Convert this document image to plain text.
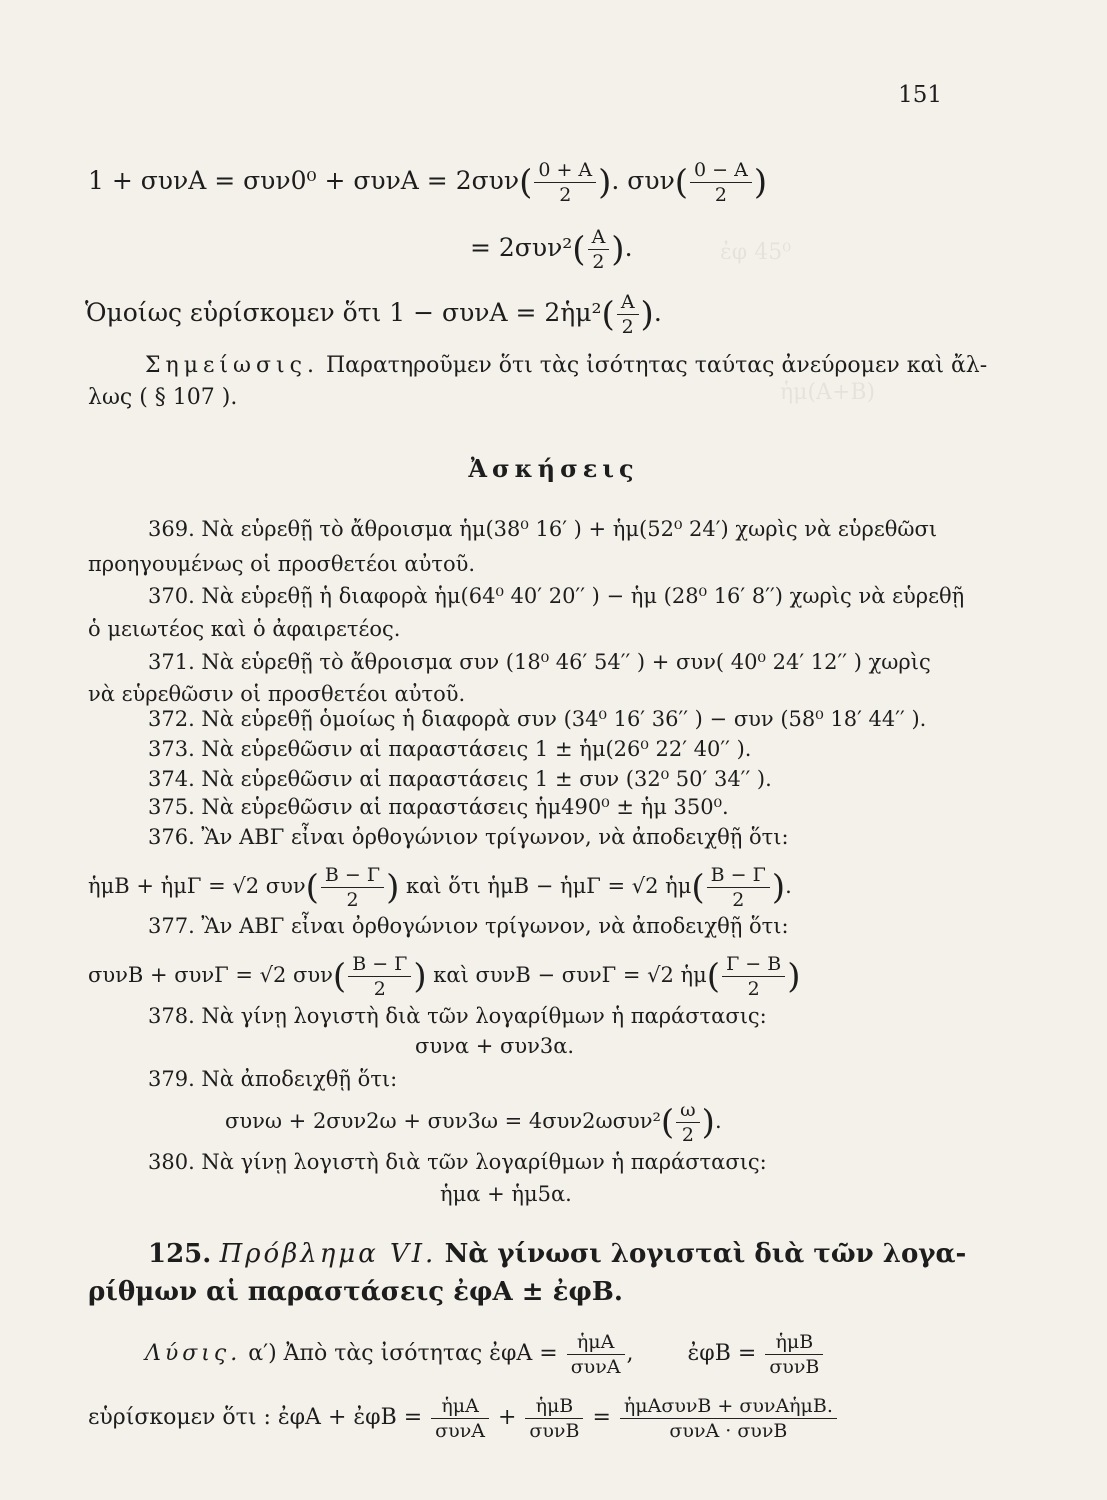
ἐφ 45⁰
ἡμ(Α+Β)
151
$1 + \sigma\upsilon\nu A = \sigma\upsilon\nu 0^0 + \sigma\upsilon\nu A = 2\sigma\upsilon\nu( \frac{0 + A}{2}$ ). $\sigma\upsilon\nu( \frac{0 - A}{2}$ )
= $2\sigma\upsilon\nu^2( \frac{A}{2}$ ).
Ὁμοίως εὑρίσκομεν ὅτι 1 − συνΑ = 2ἡμ²( $\frac{A}{2}$ ).
Σημείωσις. Παρατηροῦμεν ὅτι τὰς ἰσότητας ταύτας ἀνεύρομεν καὶ ἄλ-
λως ( § 107 ).
Ἀσκήσεις
369. Νὰ εὑρεθῇ τὸ ἄθροισμα ἡμ(38⁰ 16′ ) + ἡμ(52⁰ 24′) χωρὶς νὰ εὑρεθῶσι
προηγουμένως οἱ προσθετέοι αὐτοῦ.
370. Νὰ εὑρεθῇ ἡ διαφορὰ ἡμ(64⁰ 40′ 20′′ ) − ἡμ (28⁰ 16′ 8′′) χωρὶς νὰ εὑρεθῇ
ὁ μειωτέος καὶ ὁ ἀφαιρετέος.
371. Νὰ εὑρεθῇ τὸ ἄθροισμα συν (18⁰ 46′ 54′′ ) + συν( 40⁰ 24′ 12′′ ) χωρὶς
νὰ εὑρεθῶσιν οἱ προσθετέοι αὐτοῦ.
372. Νὰ εὑρεθῇ ὁμοίως ἡ διαφορὰ συν (34⁰ 16′ 36′′ ) − συν (58⁰ 18′ 44′′ ).
373. Νὰ εὑρεθῶσιν αἱ παραστάσεις 1 ± ἡμ(26⁰ 22′ 40′′ ).
374. Νὰ εὑρεθῶσιν αἱ παραστάσεις 1 ± συν (32⁰ 50′ 34′′ ).
375. Νὰ εὑρεθῶσιν αἱ παραστάσεις ἡμ490⁰ ± ἡμ 350⁰.
376. Ἂν ΑΒΓ εἶναι ὀρθογώνιον τρίγωνον, νὰ ἀποδειχθῇ ὅτι:
ἡμΒ + ἡμΓ = √2 $\sigma\upsilon\nu( \frac{B - \Gamma}{2}$ ) καὶ ὅτι ἡμΒ − ἡμΓ = √2 ἡμ( $\frac{B - \Gamma}{2}$ ).
377. Ἂν ΑΒΓ εἶναι ὀρθογώνιον τρίγωνον, νὰ ἀποδειχθῇ ὅτι:
συνΒ + συνΓ = √2 $\sigma\upsilon\nu( \frac{B - \Gamma}{2}$ ) καὶ συνΒ − συνΓ = √2 ἡμ( $\frac{\Gamma - B}{2}$ )
378. Νὰ γίνῃ λογιστὴ διὰ τῶν λογαρίθμων ἡ παράστασις:
συνα + συν3α.
379. Νὰ ἀποδειχθῇ ὅτι:
$\sigma\upsilon\nu\omega + 2\sigma\upsilon\nu 2\omega + \sigma\upsilon\nu 3\omega = 4\sigma\upsilon\nu 2\omega\sigma\upsilon\nu^2( \frac{\omega}{2}$ ).
380. Νὰ γίνῃ λογιστὴ διὰ τῶν λογαρίθμων ἡ παράστασις:
ἡμα + ἡμ5α.
125. Πρόβλημα VI. Νὰ γίνωσι λογισταὶ διὰ τῶν λογα-
ρίθμων αἱ παραστάσεις ἐφΑ ± ἐφΒ.
Λύσις. α′) Ἀπὸ τὰς ἰσότητας ἐφΑ = $\frac{\text{ἡμΑ}}{\text{συνΑ}}$ , ἐφΒ = $\frac{\text{ἡμΒ}}{\text{συνΒ}}$
εὑρίσκομεν ὅτι : ἐφΑ + ἐφΒ = $\frac{\text{ἡμΑ}}{\text{συνΑ}} + \frac{\text{ἡμΒ}}{\text{συνΒ}} = \frac{\text{ἡμΑσυνΒ + συνΑἡμΒ.}}{\text{συνΑ · συνΒ}}$
